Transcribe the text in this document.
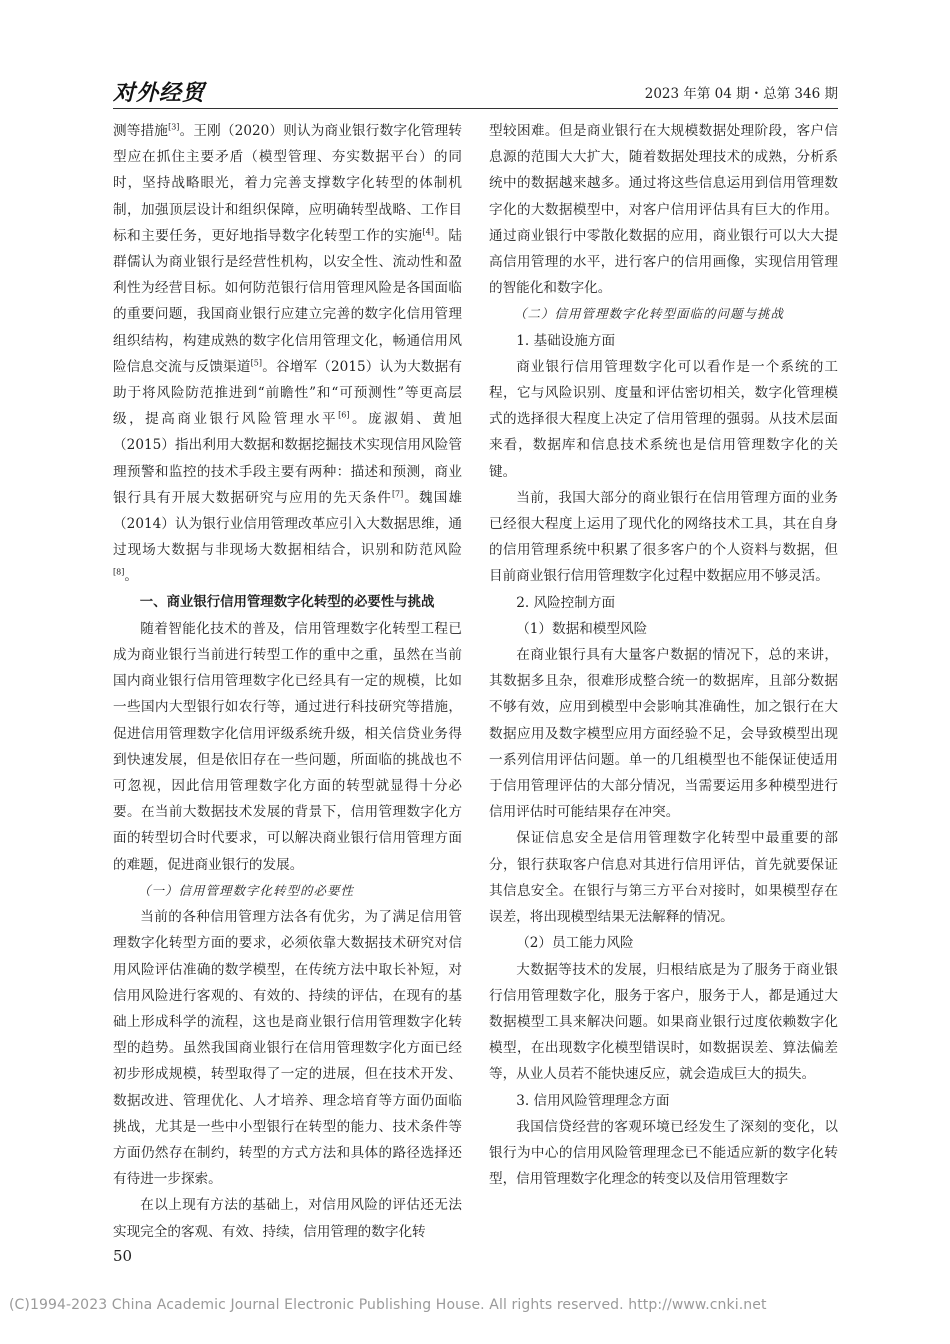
对外经贸	2023 年第 04 期・总第 346 期

测等措施[3]。王刚（2020）则认为商业银行数字化管理转型应在抓住主要矛盾（模型管理、夯实数据平台）的同时，坚持战略眼光，着力完善支撑数字化转型的体制机制，加强顶层设计和组织保障，应明确转型战略、工作目标和主要任务，更好地指导数字化转型工作的实施[4]。陆群儒认为商业银行是经营性机构，以安全性、流动性和盈利性为经营目标。如何防范银行信用管理风险是各国面临的重要问题，我国商业银行应建立完善的数字化信用管理组织结构，构建成熟的数字化信用管理文化，畅通信用风险信息交流与反馈渠道[5]。谷增军（2015）认为大数据有助于将风险防范推进到“前瞻性”和“可预测性”等更高层级，提高商业银行风险管理水平[6]。庞淑娟、黄旭（2015）指出利用大数据和数据挖掘技术实现信用风险管理预警和监控的技术手段主要有两种：描述和预测，商业银行具有开展大数据研究与应用的先天条件[7]。魏国雄（2014）认为银行业信用管理改革应引入大数据思维，通过现场大数据与非现场大数据相结合，识别和防范风险[8]。

一、商业银行信用管理数字化转型的必要性与挑战

随着智能化技术的普及，信用管理数字化转型工程已成为商业银行当前进行转型工作的重中之重，虽然在当前国内商业银行信用管理数字化已经具有一定的规模，比如一些国内大型银行如农行等，通过进行科技研究等措施，促进信用管理数字化信用评级系统升级，相关信贷业务得到快速发展，但是依旧存在一些问题，所面临的挑战也不可忽视，因此信用管理数字化方面的转型就显得十分必要。在当前大数据技术发展的背景下，信用管理数字化方面的转型切合时代要求，可以解决商业银行信用管理方面的难题，促进商业银行的发展。

（一）信用管理数字化转型的必要性

当前的各种信用管理方法各有优劣，为了满足信用管理数字化转型方面的要求，必须依靠大数据技术研究对信用风险评估准确的数学模型，在传统方法中取长补短，对信用风险进行客观的、有效的、持续的评估，在现有的基础上形成科学的流程，这也是商业银行信用管理数字化转型的趋势。虽然我国商业银行在信用管理数字化方面已经初步形成规模，转型取得了一定的进展，但在技术开发、数据改进、管理优化、人才培养、理念培育等方面仍面临挑战，尤其是一些中小型银行在转型的能力、技术条件等方面仍然存在制约，转型的方式方法和具体的路径选择还有待进一步探索。

在以上现有方法的基础上，对信用风险的评估还无法实现完全的客观、有效、持续，信用管理的数字化转

型较困难。但是商业银行在大规模数据处理阶段，客户信息源的范围大大扩大，随着数据处理技术的成熟，分析系统中的数据越来越多。通过将这些信息运用到信用管理数字化的大数据模型中，对客户信用评估具有巨大的作用。通过商业银行中零散化数据的应用，商业银行可以大大提高信用管理的水平，进行客户的信用画像，实现信用管理的智能化和数字化。

（二）信用管理数字化转型面临的问题与挑战

1. 基础设施方面

商业银行信用管理数字化可以看作是一个系统的工程，它与风险识别、度量和评估密切相关，数字化管理模式的选择很大程度上决定了信用管理的强弱。从技术层面来看，数据库和信息技术系统也是信用管理数字化的关键。

当前，我国大部分的商业银行在信用管理方面的业务已经很大程度上运用了现代化的网络技术工具，其在自身的信用管理系统中积累了很多客户的个人资料与数据，但目前商业银行信用管理数字化过程中数据应用不够灵活。

2. 风险控制方面

（1）数据和模型风险

在商业银行具有大量客户数据的情况下，总的来讲，其数据多且杂，很难形成整合统一的数据库，且部分数据不够有效，应用到模型中会影响其准确性，加之银行在大数据应用及数字模型应用方面经验不足，会导致模型出现一系列信用评估问题。单一的几组模型也不能保证使适用于信用管理评估的大部分情况，当需要运用多种模型进行信用评估时可能结果存在冲突。

保证信息安全是信用管理数字化转型中最重要的部分，银行获取客户信息对其进行信用评估，首先就要保证其信息安全。在银行与第三方平台对接时，如果模型存在误差，将出现模型结果无法解释的情况。

（2）员工能力风险

大数据等技术的发展，归根结底是为了服务于商业银行信用管理数字化，服务于客户，服务于人，都是通过大数据模型工具来解决问题。如果商业银行过度依赖数字化模型，在出现数字化模型错误时，如数据误差、算法偏差等，从业人员若不能快速反应，就会造成巨大的损失。

3. 信用风险管理理念方面

我国信贷经营的客观环境已经发生了深刻的变化，以银行为中心的信用风险管理理念已不能适应新的数字化转型，信用管理数字化理念的转变以及信用管理数字

50
(C)1994-2023 China Academic Journal Electronic Publishing House. All rights reserved. http://www.cnki.net
